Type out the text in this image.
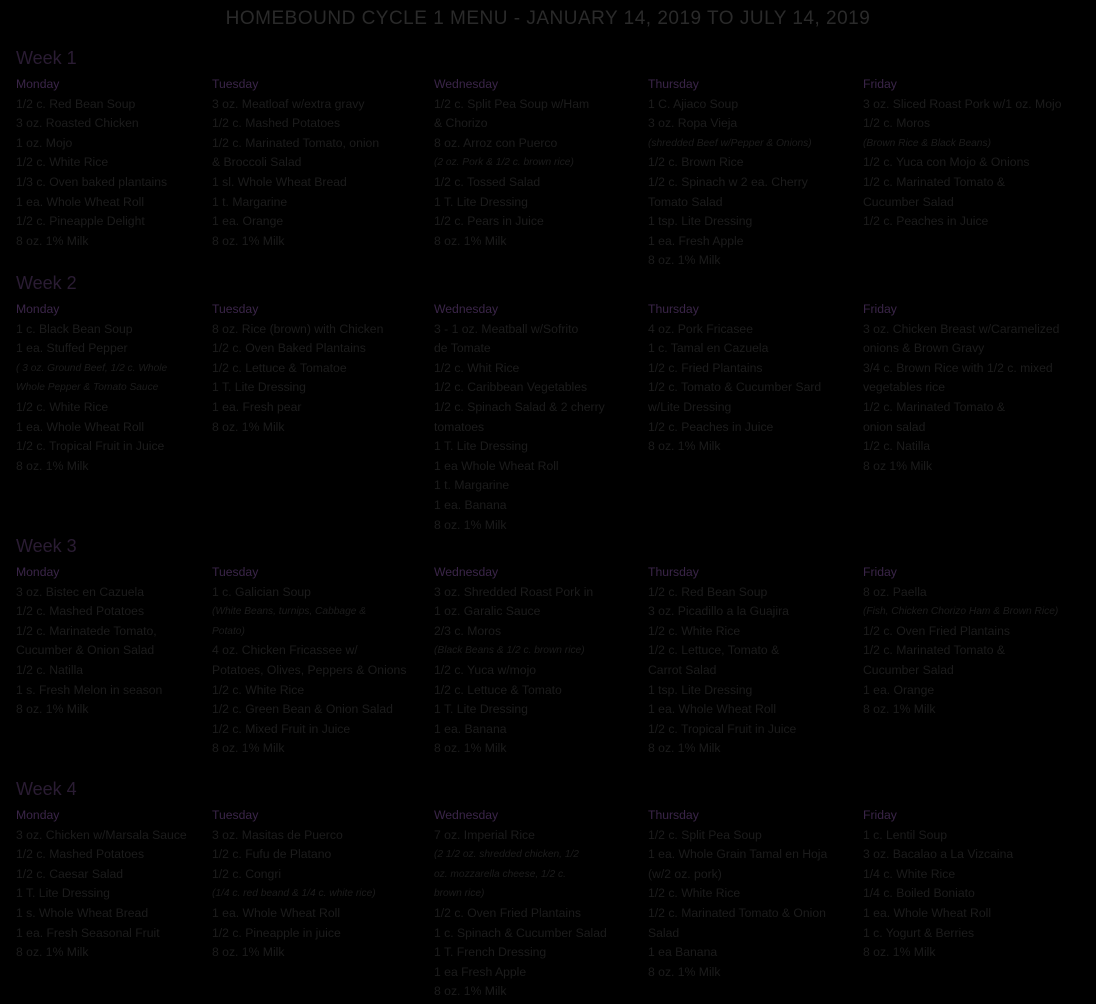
HOMEBOUND CYCLE 1 MENU - JANUARY 14, 2019 TO JULY 14, 2019
Week 1
Monday
1/2 c. Red Bean Soup
3 oz. Roasted Chicken
1 oz. Mojo
1/2 c. White Rice
1/3 c. Oven baked plantains
1 ea. Whole Wheat Roll
1/2 c. Pineapple Delight
8 oz. 1% Milk
Tuesday
3 oz. Meatloaf w/extra gravy
1/2 c. Mashed Potatoes
1/2 c. Marinated Tomato, onion
& Broccoli Salad
1 sl. Whole Wheat Bread
1 t. Margarine
1 ea. Orange
8 oz. 1% Milk
Wednesday
1/2 c. Split Pea Soup w/Ham
& Chorizo
8 oz. Arroz con Puerco
(2 oz. Pork & 1/2 c. brown rice)
1/2 c. Tossed Salad
1 T. Lite Dressing
1/2 c. Pears in Juice
8 oz. 1% Milk
Thursday
1 C. Ajiaco Soup
3 oz. Ropa Vieja
(shredded Beef w/Pepper & Onions)
1/2 c. Brown Rice
1/2 c. Spinach w 2 ea. Cherry
Tomato Salad
1 tsp. Lite Dressing
1 ea. Fresh Apple
8 oz. 1% Milk
Friday
3 oz. Sliced Roast Pork w/1 oz. Mojo
1/2 c. Moros
(Brown Rice & Black Beans)
1/2 c. Yuca con Mojo & Onions
1/2 c. Marinated Tomato &
Cucumber Salad
1/2 c. Peaches in Juice
Week 2
Monday
1 c. Black Bean Soup
1 ea. Stuffed Pepper
( 3 oz. Ground Beef, 1/2 c. Whole
Whole Pepper & Tomato Sauce
1/2 c. White Rice
1 ea. Whole Wheat Roll
1/2 c. Tropical Fruit in Juice
8 oz. 1% Milk
Tuesday
8 oz. Rice (brown) with Chicken
1/2 c. Oven Baked Plantains
1/2 c. Lettuce & Tomatoe
1 T. Lite Dressing
1 ea. Fresh pear
8 oz. 1% Milk
Wednesday
3 - 1 oz. Meatball w/Sofrito
de Tomate
1/2 c. Whit Rice
1/2 c. Caribbean Vegetables
1/2 c. Spinach Salad & 2 cherry
tomatoes
1 T. Lite Dressing
1 ea Whole Wheat Roll
1 t. Margarine
1 ea. Banana
8 oz. 1% Milk
Thursday
4 oz. Pork Fricasee
1 c. Tamal en Cazuela
1/2 c. Fried Plantains
1/2 c. Tomato & Cucumber Sard
w/Lite Dressing
1/2 c. Peaches in Juice
8 oz. 1% Milk
Friday
3 oz. Chicken Breast w/Caramelized
onions & Brown Gravy
3/4 c. Brown Rice with 1/2 c. mixed
vegetables rice
1/2 c. Marinated Tomato &
onion salad
1/2 c. Natilla
8 oz 1% Milk
Week 3
Monday
3 oz. Bistec en Cazuela
1/2 c. Mashed Potatoes
1/2 c. Marinatede Tomato,
Cucumber & Onion Salad
1/2 c. Natilla
1 s. Fresh Melon in season
8 oz. 1% Milk
Tuesday
1 c. Galician Soup
(White Beans, turnips, Cabbage &
Potato)
4 oz. Chicken Fricassee w/
Potatoes, Olives, Peppers & Onions
1/2 c. White Rice
1/2 c. Green Bean & Onion Salad
1/2 c. Mixed Fruit in Juice
8 oz. 1% Milk
Wednesday
3 oz. Shredded Roast Pork in
1 oz. Garalic Sauce
2/3 c. Moros
(Black Beans & 1/2 c. brown rice)
1/2 c. Yuca w/mojo
1/2 c. Lettuce & Tomato
1 T. Lite Dressing
1 ea. Banana
8 oz. 1% Milk
Thursday
1/2 c. Red Bean Soup
3 oz. Picadillo a la Guajira
1/2 c. White Rice
1/2 c. Lettuce, Tomato &
Carrot Salad
1 tsp. Lite Dressing
1 ea. Whole Wheat Roll
1/2 c. Tropical Fruit in Juice
8 oz. 1% Milk
Friday
8 oz. Paella
(Fish, Chicken Chorizo Ham & Brown Rice)
1/2 c. Oven Fried Plantains
1/2 c. Marinated Tomato &
Cucumber Salad
1 ea. Orange
8 oz. 1% Milk
Week 4
Monday
3 oz. Chicken w/Marsala Sauce
1/2 c. Mashed Potatoes
1/2 c. Caesar Salad
1 T. Lite Dressing
1 s. Whole Wheat Bread
1 ea. Fresh Seasonal Fruit
8 oz. 1% Milk
Tuesday
3 oz. Masitas de Puerco
1/2 c. Fufu de Platano
1/2 c. Congri
(1/4 c. red beand & 1/4 c. white rice)
1 ea. Whole Wheat Roll
1/2 c. Pineapple in juice
8 oz. 1% Milk
Wednesday
7 oz. Imperial Rice
(2 1/2 oz. shredded chicken, 1/2
oz. mozzarella cheese, 1/2 c.
brown rice)
1/2 c. Oven Fried Plantains
1 c. Spinach & Cucumber Salad
1 T. French Dressing
1 ea Fresh Apple
8 oz. 1% Milk
Thursday
1/2 c. Split Pea Soup
1 ea. Whole Grain Tamal en Hoja
(w/2 oz. pork)
1/2 c. White Rice
1/2 c. Marinated Tomato & Onion
Salad
1 ea Banana
8 oz. 1% Milk
Friday
1 c. Lentil Soup
3 oz. Bacalao a La Vizcaina
1/4 c. White Rice
1/4 c. Boiled Boniato
1 ea. Whole Wheat Roll
1 c. Yogurt & Berries
8 oz. 1% Milk
